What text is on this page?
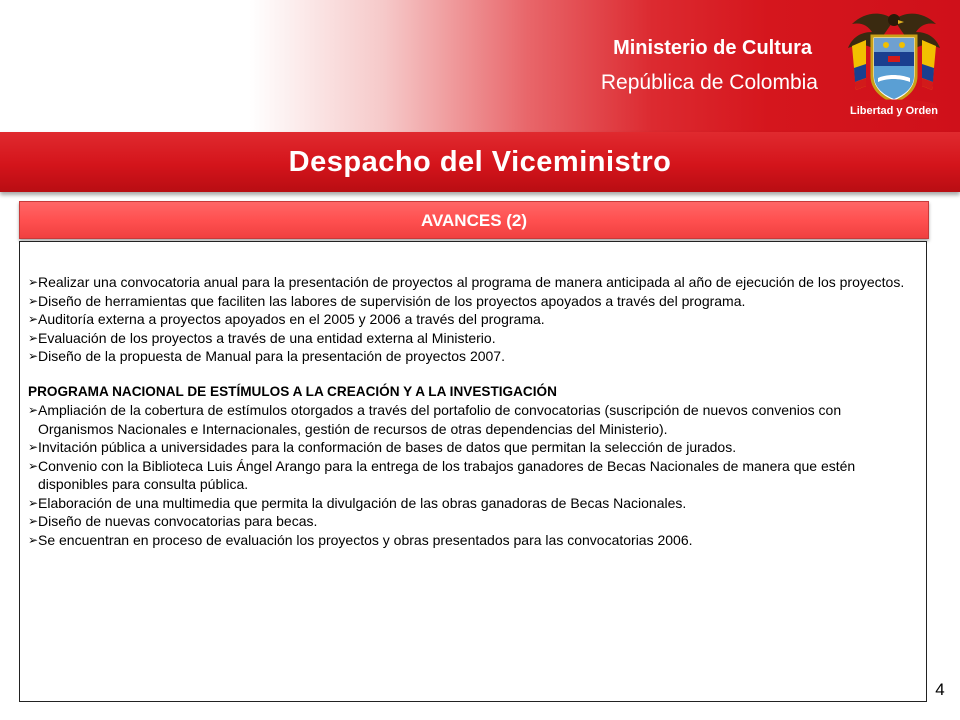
Ministerio de Cultura
República de Colombia
Libertad y Orden
Despacho del Viceministro
AVANCES (2)
➢ Realizar una convocatoria anual para la presentación de proyectos al programa de manera anticipada al año de ejecución de los proyectos.
➢ Diseño de herramientas que faciliten las labores de supervisión de los proyectos apoyados a través del programa.
➢ Auditoría externa a proyectos apoyados en el 2005 y 2006 a través del programa.
➢ Evaluación de los proyectos a través de una entidad externa al Ministerio.
➢ Diseño de la propuesta de Manual para la presentación de proyectos 2007.
PROGRAMA NACIONAL DE ESTÍMULOS A LA CREACIÓN Y A LA INVESTIGACIÓN
➢ Ampliación de la cobertura de estímulos otorgados a través del portafolio de convocatorias (suscripción de nuevos convenios con Organismos Nacionales e Internacionales, gestión de recursos de otras dependencias del Ministerio).
➢ Invitación pública a universidades para la conformación de bases de datos que permitan la selección de jurados.
➢ Convenio con la Biblioteca Luis Ángel Arango para la entrega de los trabajos ganadores de Becas Nacionales de manera que estén disponibles para consulta pública.
➢ Elaboración de una multimedia que permita la divulgación de las obras ganadoras de Becas Nacionales.
➢ Diseño de nuevas convocatorias para becas.
➢ Se encuentran en proceso de evaluación los proyectos y obras presentados para las convocatorias 2006.
4
